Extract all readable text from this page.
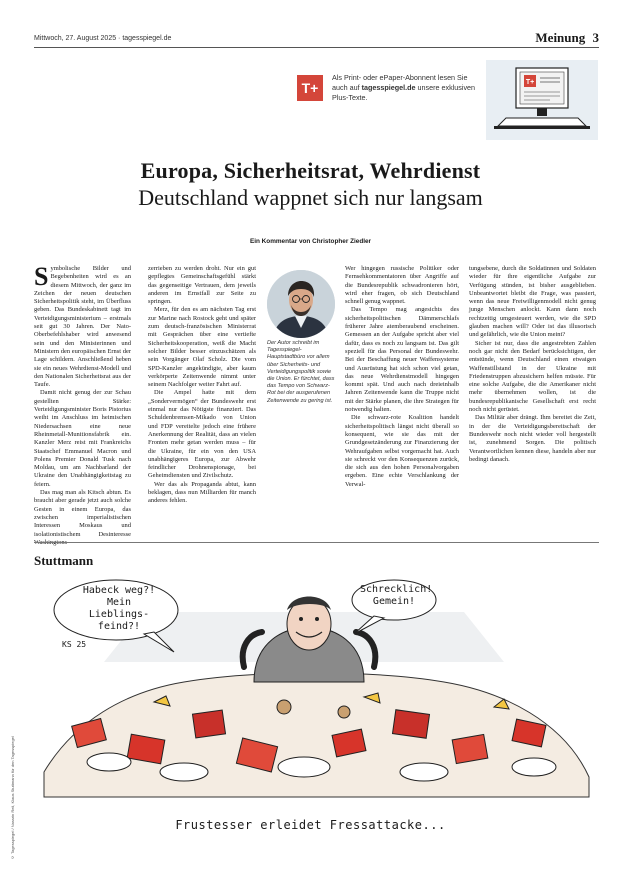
Mittwoch, 27. August 2025 · tagesspiegel.de	Meinung 3
T+
Als Print- oder ePaper-Abonnent lesen Sie auch auf tagesspiegel.de unsere exklusiven Plus-Texte.
T+
Europa, Sicherheitsrat, Wehrdienst
Deutschland wappnet sich nur langsam
Ein Kommentar von Christopher Ziedler
S ymbolische Bilder und Begebenheiten wird es an diesem Mittwoch, der ganz im Zeichen der neuen deutschen Sicherheitspolitik steht, im Überfluss geben. Das Bundeskabinett tagt im Verteidigungsministerium – erstmals seit gut 30 Jahren. Der Nato-Oberbefehlshaber wird anwesend sein und den Ministerinnen und Ministern den europäischen Ernst der Lage schildern. Anschließend heben sie ein neues Wehrdienst-Modell und den Nationalen Sicherheitsrat aus der Taufe.

Damit nicht genug der zur Schau gestellten Stärke: Verteidigungsminister Boris Pistorius weiht im Anschluss im heimischen Niedersachsen eine neue Rheinmetall-Munitionsfabrik ein. Kanzler Merz reist mit Frankreichs Staatschef Emmanuel Macron und Polens Premier Donald Tusk nach Moldau, um am Nachbarland der Ukraine den Unabhängigkeitstag zu feiern.

Das mag man als Kitsch abtun. Es braucht aber gerade jetzt auch solche Gesten in einem Europa, das zwischen imperialistischen Interessen Moskaus und isolationistischem Desinteresse

zerrieben zu werden droht. Nur ein gut gepflegtes Gemeinschaftsgefühl stärkt das gegenseitige Vertrauen, dem jeweils anderen im Ernstfall zur Seite zu springen.

Merz, für den es am nächsten Tag erst zur Marine nach Rostock geht und später zum deutsch-französischen Ministerrat mit Gesprächen über eine vertiefte Sicherheitskooperation, weiß die Macht solcher Bilder besser einzuschätzen als sein Vorgänger Olaf Scholz. Die vom SPD-Kanzler angekündigte, aber kaum verkörperte Zeitenwende nimmt unter seinem Nachfolger weiter Fahrt auf.

Die Ampel hatte mit dem „Sondervermögen“ der Bundeswehr erst einmal nur das Nötigste finanziert. Das Schuldenbremsen-Mikado von Union und FDP vereitelte jedoch eine frühere Anerkennung der Realität, dass an vielen Fronten mehr getan werden muss – für die Ukraine, für ein von den USA unabhängigeres Europa, zur Abwehr feindlicher Drohnenspionage, bei Geheimdiensten und Zivilschutz.

Wer das als Propaganda abtut, kann beklagen, dass nun Milliarden für manch anderes fehlen.

Der Autor schreibt im Tagesspiegel-Hauptstadtbüro vor allem über Sicherheits- und Verteidigungspolitik sowie die Union. Er fürchtet, dass das Tempo von Schwarz-Rot bei der ausgerufenen Zeitenwende zu gering ist.

Wer hingegen russische Politiker oder Fernsehkommentatoren über Angriffe auf die Bundesrepublik schwadronieren hört, wird eher fragen, ob sich Deutschland schnell genug wappnet.

Das Tempo mag angesichts des sicherheitspolitischen Dämmerschlafs früherer Jahre atemberaubend erscheinen. Gemessen an der Aufgabe spricht aber viel dafür, dass es noch zu langsam ist. Das gilt speziell für das Personal der Bundeswehr. Bei der Beschaffung neuer Waffensysteme und Ausrüstung hat sich schon viel getan, das neue Wehrdienstmodell hingegen kommt spät. Und auch nach dreieinhalb Jahren Zeitenwende kann die Truppe nicht mit der Stärke planen, die ihre Strategen für notwendig halten.

Die schwarz-rote Koalition handelt sicherheitspolitisch längst nicht überall so konsequent, wie sie das mit der Grundgesetzänderung zur Finanzierung der Wehraufgaben selbst vorgemacht hat. Auch sie schreckt vor den Konsequenzen zurück, die sich aus den hohen Personalvorgaben ergeben. Eine echte Verschlankung der Verwal-

tungsebene, durch die Soldatinnen und Soldaten wieder für ihre eigentliche Aufgabe zur Verfügung stünden, ist bisher ausgeblieben. Unbeantwortet bleibt die Frage, was passiert, wenn das neue Freiwilligenmodell nicht genug junge Menschen anlockt. Kann dann noch rechtzeitig umgesteuert werden, wie die SPD glauben machen will? Oder ist das illusorisch und gefährlich, wie die Union meint?

Sicher ist nur, dass die angestrebten Zahlen noch gar nicht den Bedarf berücksichtigen, der entstünde, wenn Deutschland einen etwaigen Waffenstillstand in der Ukraine mit Friedenstruppen abzusichern helfen müsste. Für eine solche Aufgabe, die die Amerikaner nicht mehr übernehmen wollen, ist die bundesrepublikanische Gesellschaft erst recht noch nicht gerüstet.

Das Militär aber drängt. Ihm bereitet die Zeit, in der die Verteidigungsbereitschaft der Bundeswehr noch nicht wieder voll hergestellt ist, zunehmend Sorgen. Die politisch Verantwortlichen kennen diese, handeln aber nur bedingt danach.

Stuttmann
Habeck weg?! Mein Lieblings-feind?!
Schrecklich! Gemein!
KS 25
Frustesser erleidet Fressattacke...
© Tagesspiegel / Nassrin Reil, Klaus Stuttmann für den Tagesspiegel
